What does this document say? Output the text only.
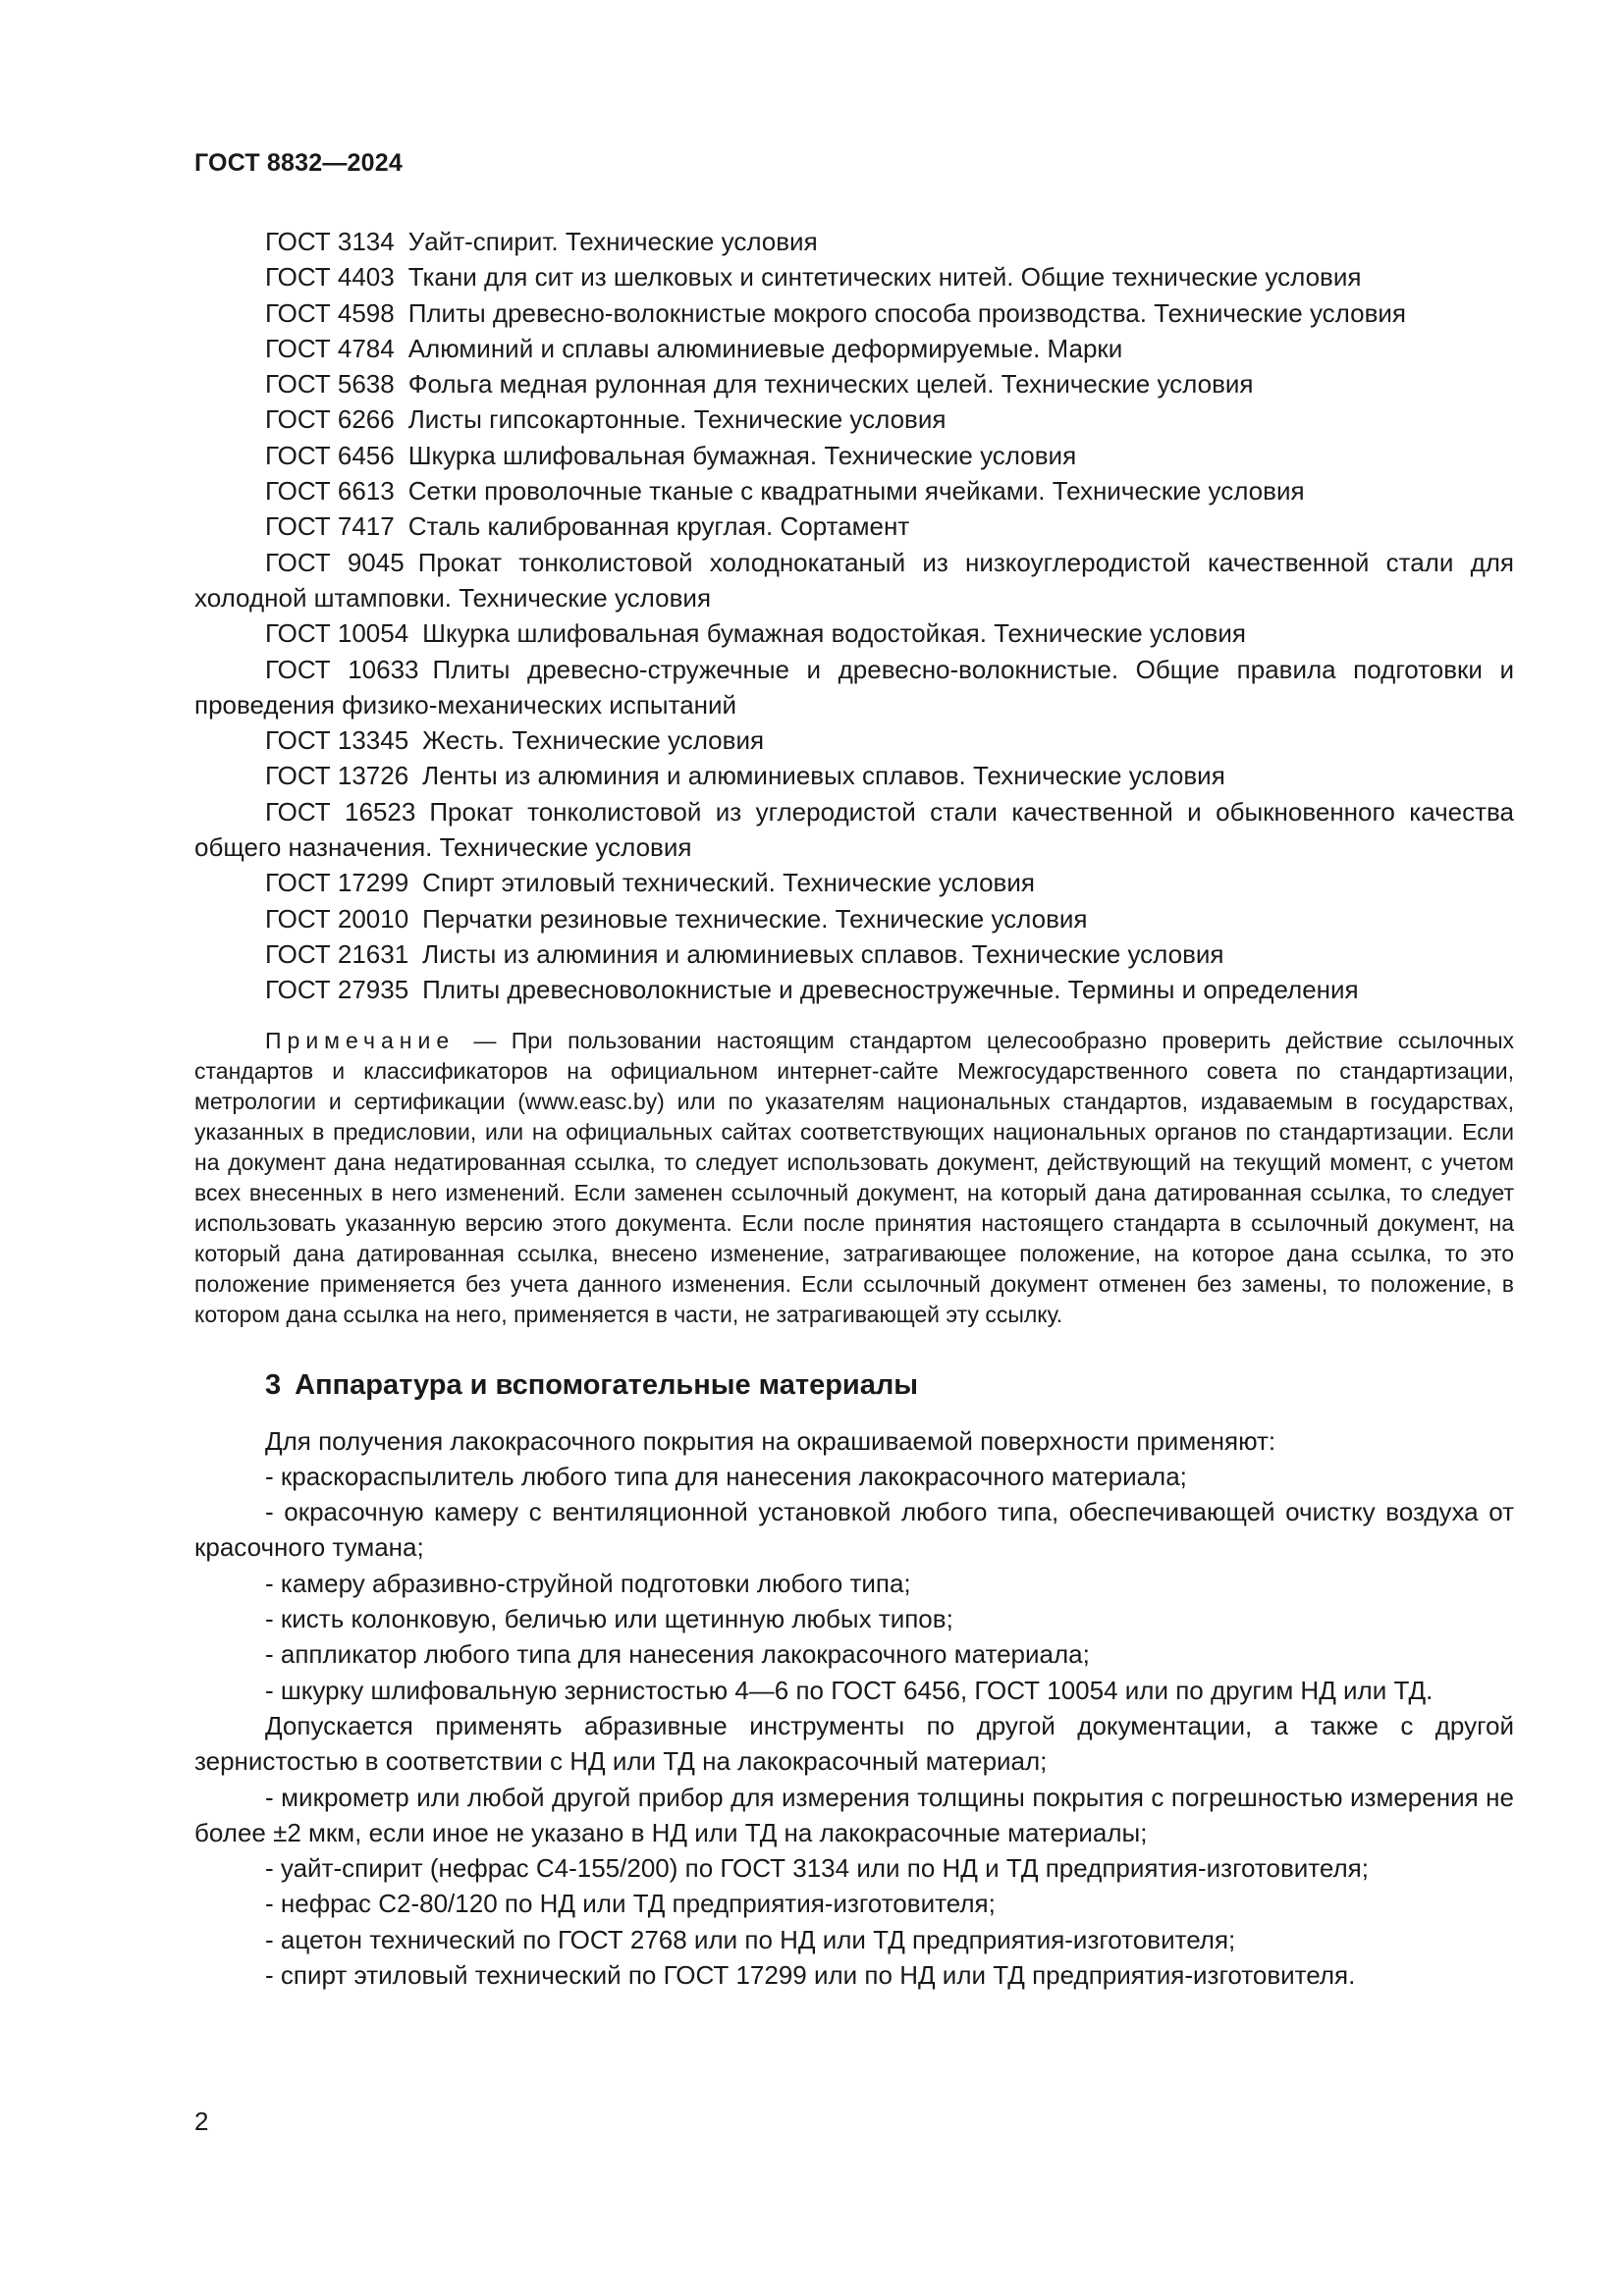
ГОСТ 8832—2024
ГОСТ 3134 Уайт-спирит. Технические условия
ГОСТ 4403 Ткани для сит из шелковых и синтетических нитей. Общие технические условия
ГОСТ 4598 Плиты древесно-волокнистые мокрого способа производства. Технические условия
ГОСТ 4784 Алюминий и сплавы алюминиевые деформируемые. Марки
ГОСТ 5638 Фольга медная рулонная для технических целей. Технические условия
ГОСТ 6266 Листы гипсокартонные. Технические условия
ГОСТ 6456 Шкурка шлифовальная бумажная. Технические условия
ГОСТ 6613 Сетки проволочные тканые с квадратными ячейками. Технические условия
ГОСТ 7417 Сталь калиброванная круглая. Сортамент
ГОСТ 9045 Прокат тонколистовой холоднокатаный из низкоуглеродистой качественной стали для холодной штамповки. Технические условия
ГОСТ 10054 Шкурка шлифовальная бумажная водостойкая. Технические условия
ГОСТ 10633 Плиты древесно-стружечные и древесно-волокнистые. Общие правила подготовки и проведения физико-механических испытаний
ГОСТ 13345 Жесть. Технические условия
ГОСТ 13726 Ленты из алюминия и алюминиевых сплавов. Технические условия
ГОСТ 16523 Прокат тонколистовой из углеродистой стали качественной и обыкновенного качества общего назначения. Технические условия
ГОСТ 17299 Спирт этиловый технический. Технические условия
ГОСТ 20010 Перчатки резиновые технические. Технические условия
ГОСТ 21631 Листы из алюминия и алюминиевых сплавов. Технические условия
ГОСТ 27935 Плиты древесноволокнистые и древесностружечные. Термины и определения
Примечание — При пользовании настоящим стандартом целесообразно проверить действие ссылочных стандартов и классификаторов на официальном интернет-сайте Межгосударственного совета по стандартизации, метрологии и сертификации (www.easc.by) или по указателям национальных стандартов, издаваемым в государствах, указанных в предисловии, или на официальных сайтах соответствующих национальных органов по стандартизации. Если на документ дана недатированная ссылка, то следует использовать документ, действующий на текущий момент, с учетом всех внесенных в него изменений. Если заменен ссылочный документ, на который дана датированная ссылка, то следует использовать указанную версию этого документа. Если после принятия настоящего стандарта в ссылочный документ, на который дана датированная ссылка, внесено изменение, затрагивающее положение, на которое дана ссылка, то это положение применяется без учета данного изменения. Если ссылочный документ отменен без замены, то положение, в котором дана ссылка на него, применяется в части, не затрагивающей эту ссылку.
3 Аппаратура и вспомогательные материалы
Для получения лакокрасочного покрытия на окрашиваемой поверхности применяют:
- краскораспылитель любого типа для нанесения лакокрасочного материала;
- окрасочную камеру с вентиляционной установкой любого типа, обеспечивающей очистку воздуха от красочного тумана;
- камеру абразивно-струйной подготовки любого типа;
- кисть колонковую, беличью или щетинную любых типов;
- аппликатор любого типа для нанесения лакокрасочного материала;
- шкурку шлифовальную зернистостью 4—6 по ГОСТ 6456, ГОСТ 10054 или по другим НД или ТД.
Допускается применять абразивные инструменты по другой документации, а также с другой зернистостью в соответствии с НД или ТД на лакокрасочный материал;
- микрометр или любой другой прибор для измерения толщины покрытия с погрешностью измерения не более ±2 мкм, если иное не указано в НД или ТД на лакокрасочные материалы;
- уайт-спирит (нефрас С4-155/200) по ГОСТ 3134 или по НД и ТД предприятия-изготовителя;
- нефрас С2-80/120 по НД или ТД предприятия-изготовителя;
- ацетон технический по ГОСТ 2768 или по НД или ТД предприятия-изготовителя;
- спирт этиловый технический по ГОСТ 17299 или по НД или ТД предприятия-изготовителя.
2
